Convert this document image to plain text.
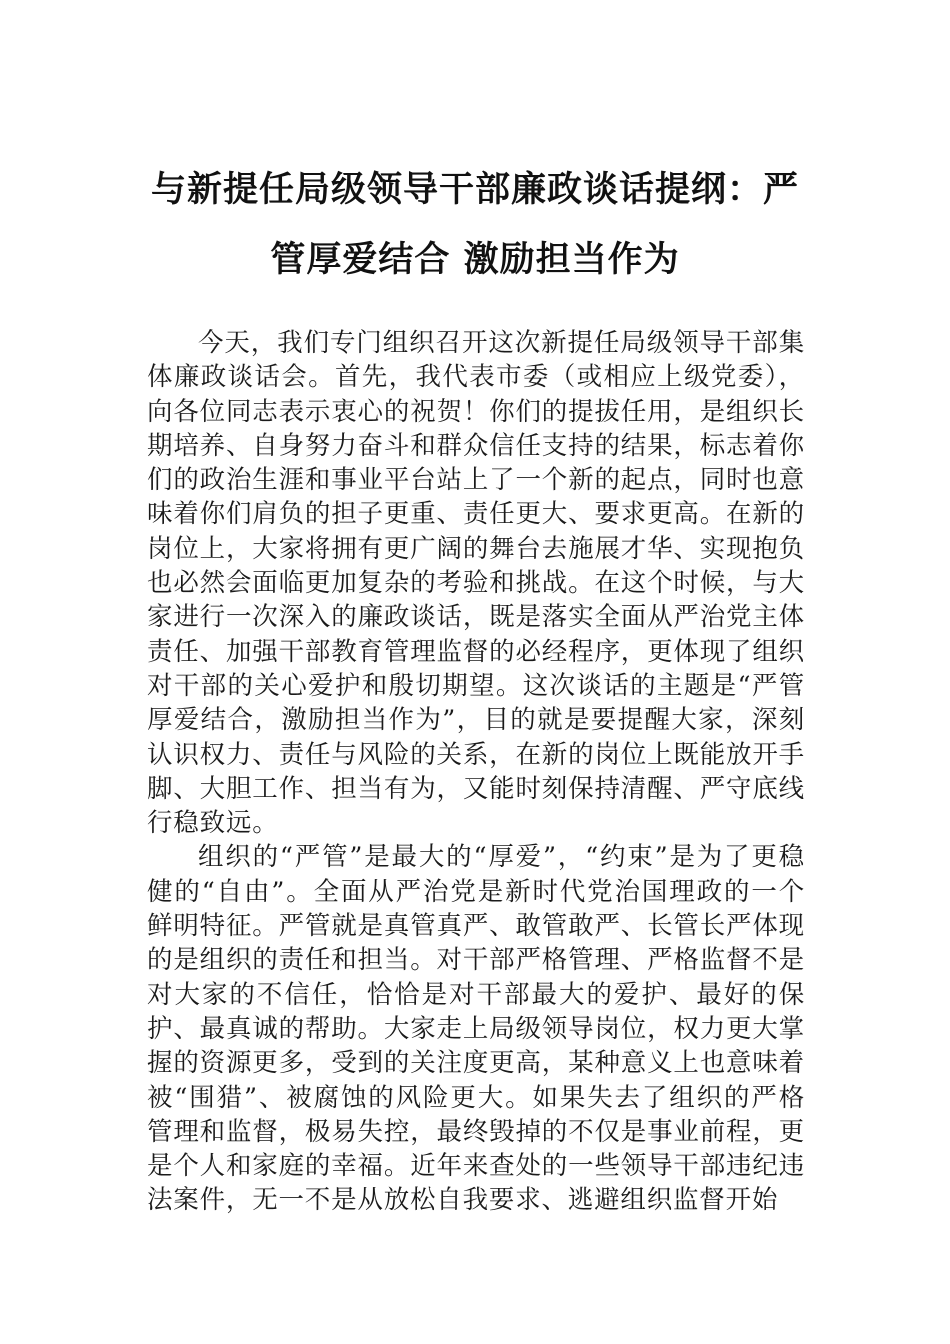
与新提任局级领导干部廉政谈话提纲：严
管厚爱结合 激励担当作为

今天，我们专门组织召开这次新提任局级领导干部集体廉政谈话会。首先，我代表市委（或相应上级党委），向各位同志表示衷心的祝贺！你们的提拔任用，是组织长期培养、自身努力奋斗和群众信任支持的结果，标志着你们的政治生涯和事业平台站上了一个新的起点，同时也意味着你们肩负的担子更重、责任更大、要求更高。在新的岗位上，大家将拥有更广阔的舞台去施展才华、实现抱负也必然会面临更加复杂的考验和挑战。在这个时候，与大家进行一次深入的廉政谈话，既是落实全面从严治党主体责任、加强干部教育管理监督的必经程序，更体现了组织对干部的关心爱护和殷切期望。这次谈话的主题是“严管厚爱结合，激励担当作为”，目的就是要提醒大家，深刻认识权力、责任与风险的关系，在新的岗位上既能放开手脚、大胆工作、担当有为，又能时刻保持清醒、严守底线行稳致远。

组织的“严管”是最大的“厚爱”，“约束”是为了更稳健的“自由”。全面从严治党是新时代党治国理政的一个鲜明特征。严管就是真管真严、敢管敢严、长管长严体现的是组织的责任和担当。对干部严格管理、严格监督不是对大家的不信任，恰恰是对干部最大的爱护、最好的保护、最真诚的帮助。大家走上局级领导岗位，权力更大掌握的资源更多，受到的关注度更高，某种意义上也意味着被“围猎”、被腐蚀的风险更大。如果失去了组织的严格管理和监督，极易失控，最终毁掉的不仅是事业前程，更是个人和家庭的幸福。近年来查处的一些领导干部违纪违法案件，无一不是从放松自我要求、逃避组织监督开始
